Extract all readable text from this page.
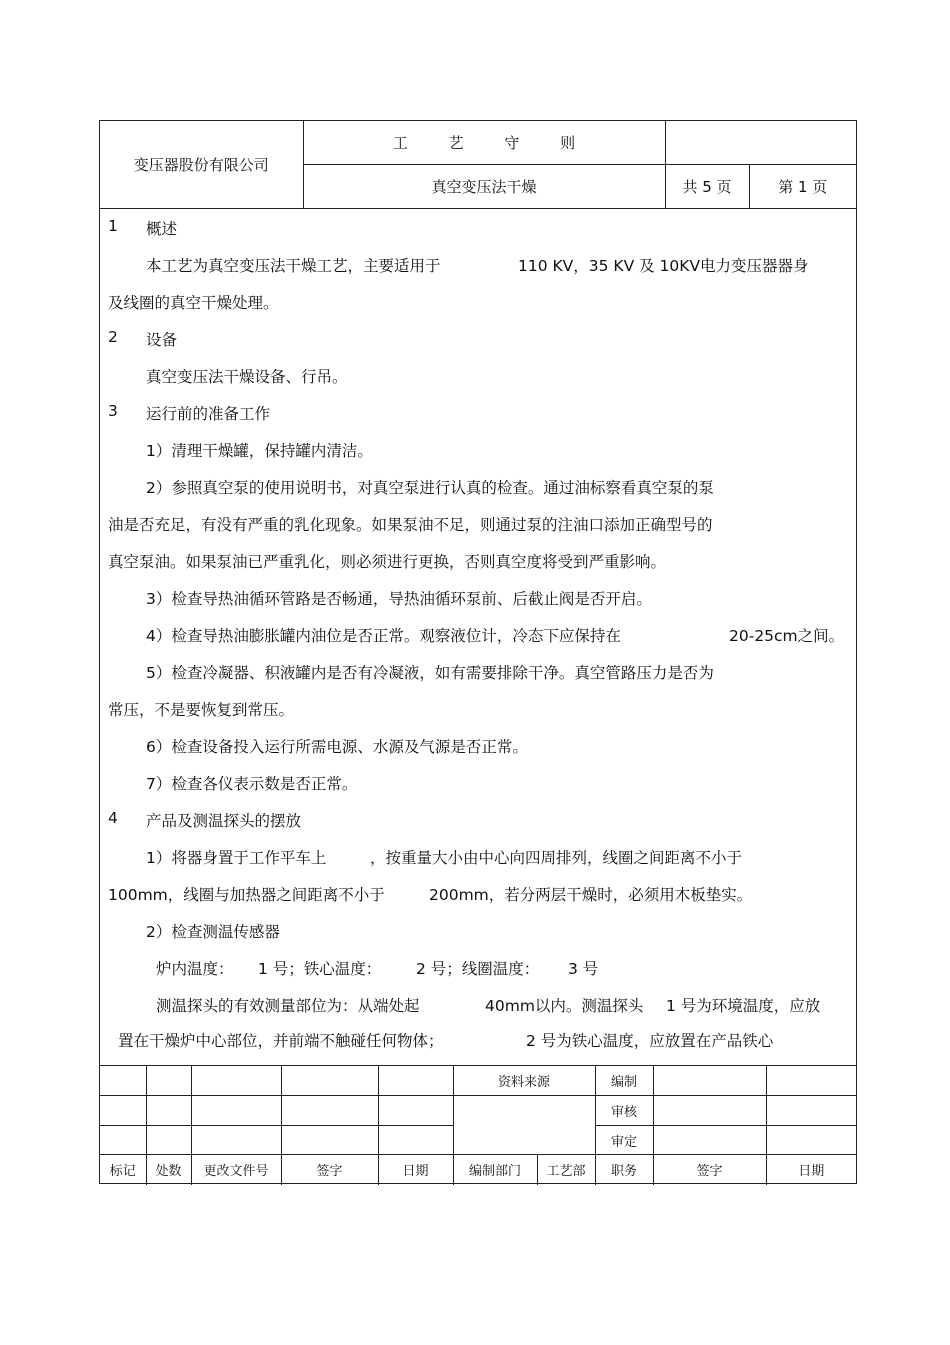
变压器股份有限公司	工 艺 守 则		
	真空变压法干燥	共 5 页	第 1 页
1 概述
本工艺为真空变压法干燥工艺，主要适用于	110 KV，35 KV 及 10KV电力变压器器身
及线圈的真空干燥处理。
2 设备
真空变压法干燥设备、行吊。
3 运行前的准备工作
1）清理干燥罐，保持罐内清洁。
2）参照真空泵的使用说明书，对真空泵进行认真的检查。通过油标察看真空泵的泵
油是否充足，有没有严重的乳化现象。如果泵油不足，则通过泵的注油口添加正确型号的
真空泵油。如果泵油已严重乳化，则必须进行更换，否则真空度将受到严重影响。
3）检查导热油循环管路是否畅通，导热油循环泵前、后截止阀是否开启。
4）检查导热油膨胀罐内油位是否正常。观察液位计，冷态下应保持在	20-25cm之间。
5）检查冷凝器、积液罐内是否有冷凝液，如有需要排除干净。真空管路压力是否为
常压，不是要恢复到常压。
6）检查设备投入运行所需电源、水源及气源是否正常。
7）检查各仪表示数是否正常。
4 产品及测温探头的摆放
1）将器身置于工作平车上	，按重量大小由中心向四周排列，线圈之间距离不小于
100mm，线圈与加热器之间距离不小于	200mm，若分两层干燥时，必须用木板垫实。
2）检查测温传感器
炉内温度： 1 号；铁心温度： 2 号；线圈温度： 3 号
测温探头的有效测量部位为：从端处起	40mm以内。测温探头 1 号为环境温度，应放
置在干燥炉中心部位，并前端不触碰任何物体；	2 号为铁心温度，应放置在产品铁心
					资料来源		编制		
							审核		
							审定		
标记	处数	更改文件号	签字	日期	编制部门	工艺部	职务	签字	日期
